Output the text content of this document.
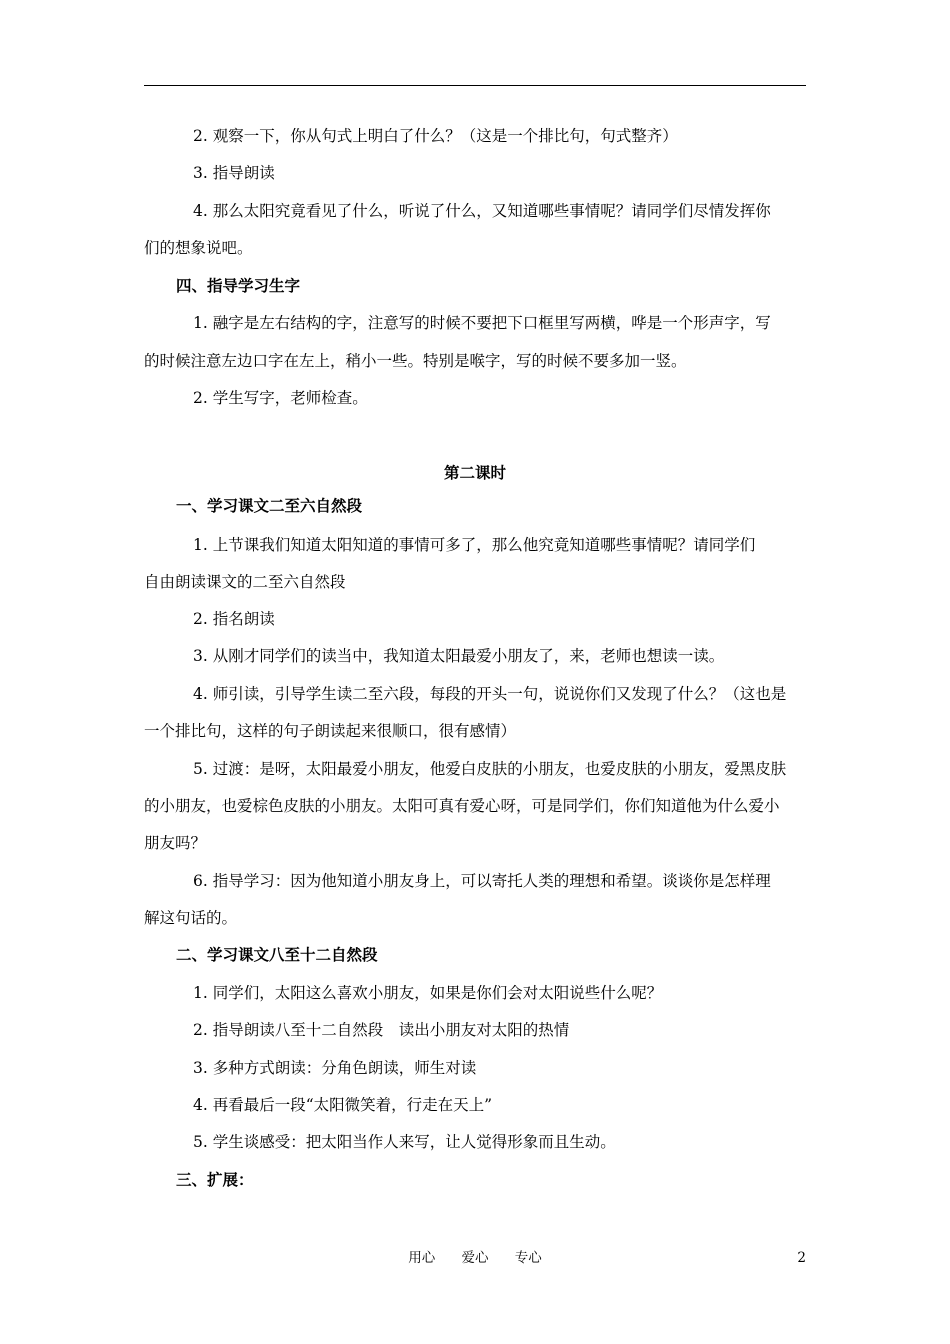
2. 观察一下，你从句式上明白了什么？（这是一个排比句，句式整齐）
3. 指导朗读
4. 那么太阳究竟看见了什么，听说了什么，又知道哪些事情呢？请同学们尽情发挥你
们的想象说吧。
四、指导学习生字
1. 融字是左右结构的字，注意写的时候不要把下口框里写两横，哗是一个形声字，写
的时候注意左边口字在左上，稍小一些。特别是喉字，写的时候不要多加一竖。
2. 学生写字，老师检查。
第二课时
一、学习课文二至六自然段
1. 上节课我们知道太阳知道的事情可多了，那么他究竟知道哪些事情呢？请同学们
自由朗读课文的二至六自然段
2. 指名朗读
3. 从刚才同学们的读当中，我知道太阳最爱小朋友了，来，老师也想读一读。
4. 师引读，引导学生读二至六段，每段的开头一句，说说你们又发现了什么？（这也是
一个排比句，这样的句子朗读起来很顺口，很有感情）
5. 过渡：是呀，太阳最爱小朋友，他爱白皮肤的小朋友，也爱皮肤的小朋友，爱黑皮肤
的小朋友，也爱棕色皮肤的小朋友。太阳可真有爱心呀，可是同学们，你们知道他为什么爱小
朋友吗？
6. 指导学习：因为他知道小朋友身上，可以寄托人类的理想和希望。谈谈你是怎样理
解这句话的。
二、学习课文八至十二自然段
1. 同学们，太阳这么喜欢小朋友，如果是你们会对太阳说些什么呢？
2. 指导朗读八至十二自然段　读出小朋友对太阳的热情
3. 多种方式朗读：分角色朗读，师生对读
4. 再看最后一段“太阳微笑着，行走在天上”
5. 学生谈感受：把太阳当作人来写，让人觉得形象而且生动。
三、扩展：
用心 爱心 专心	2
